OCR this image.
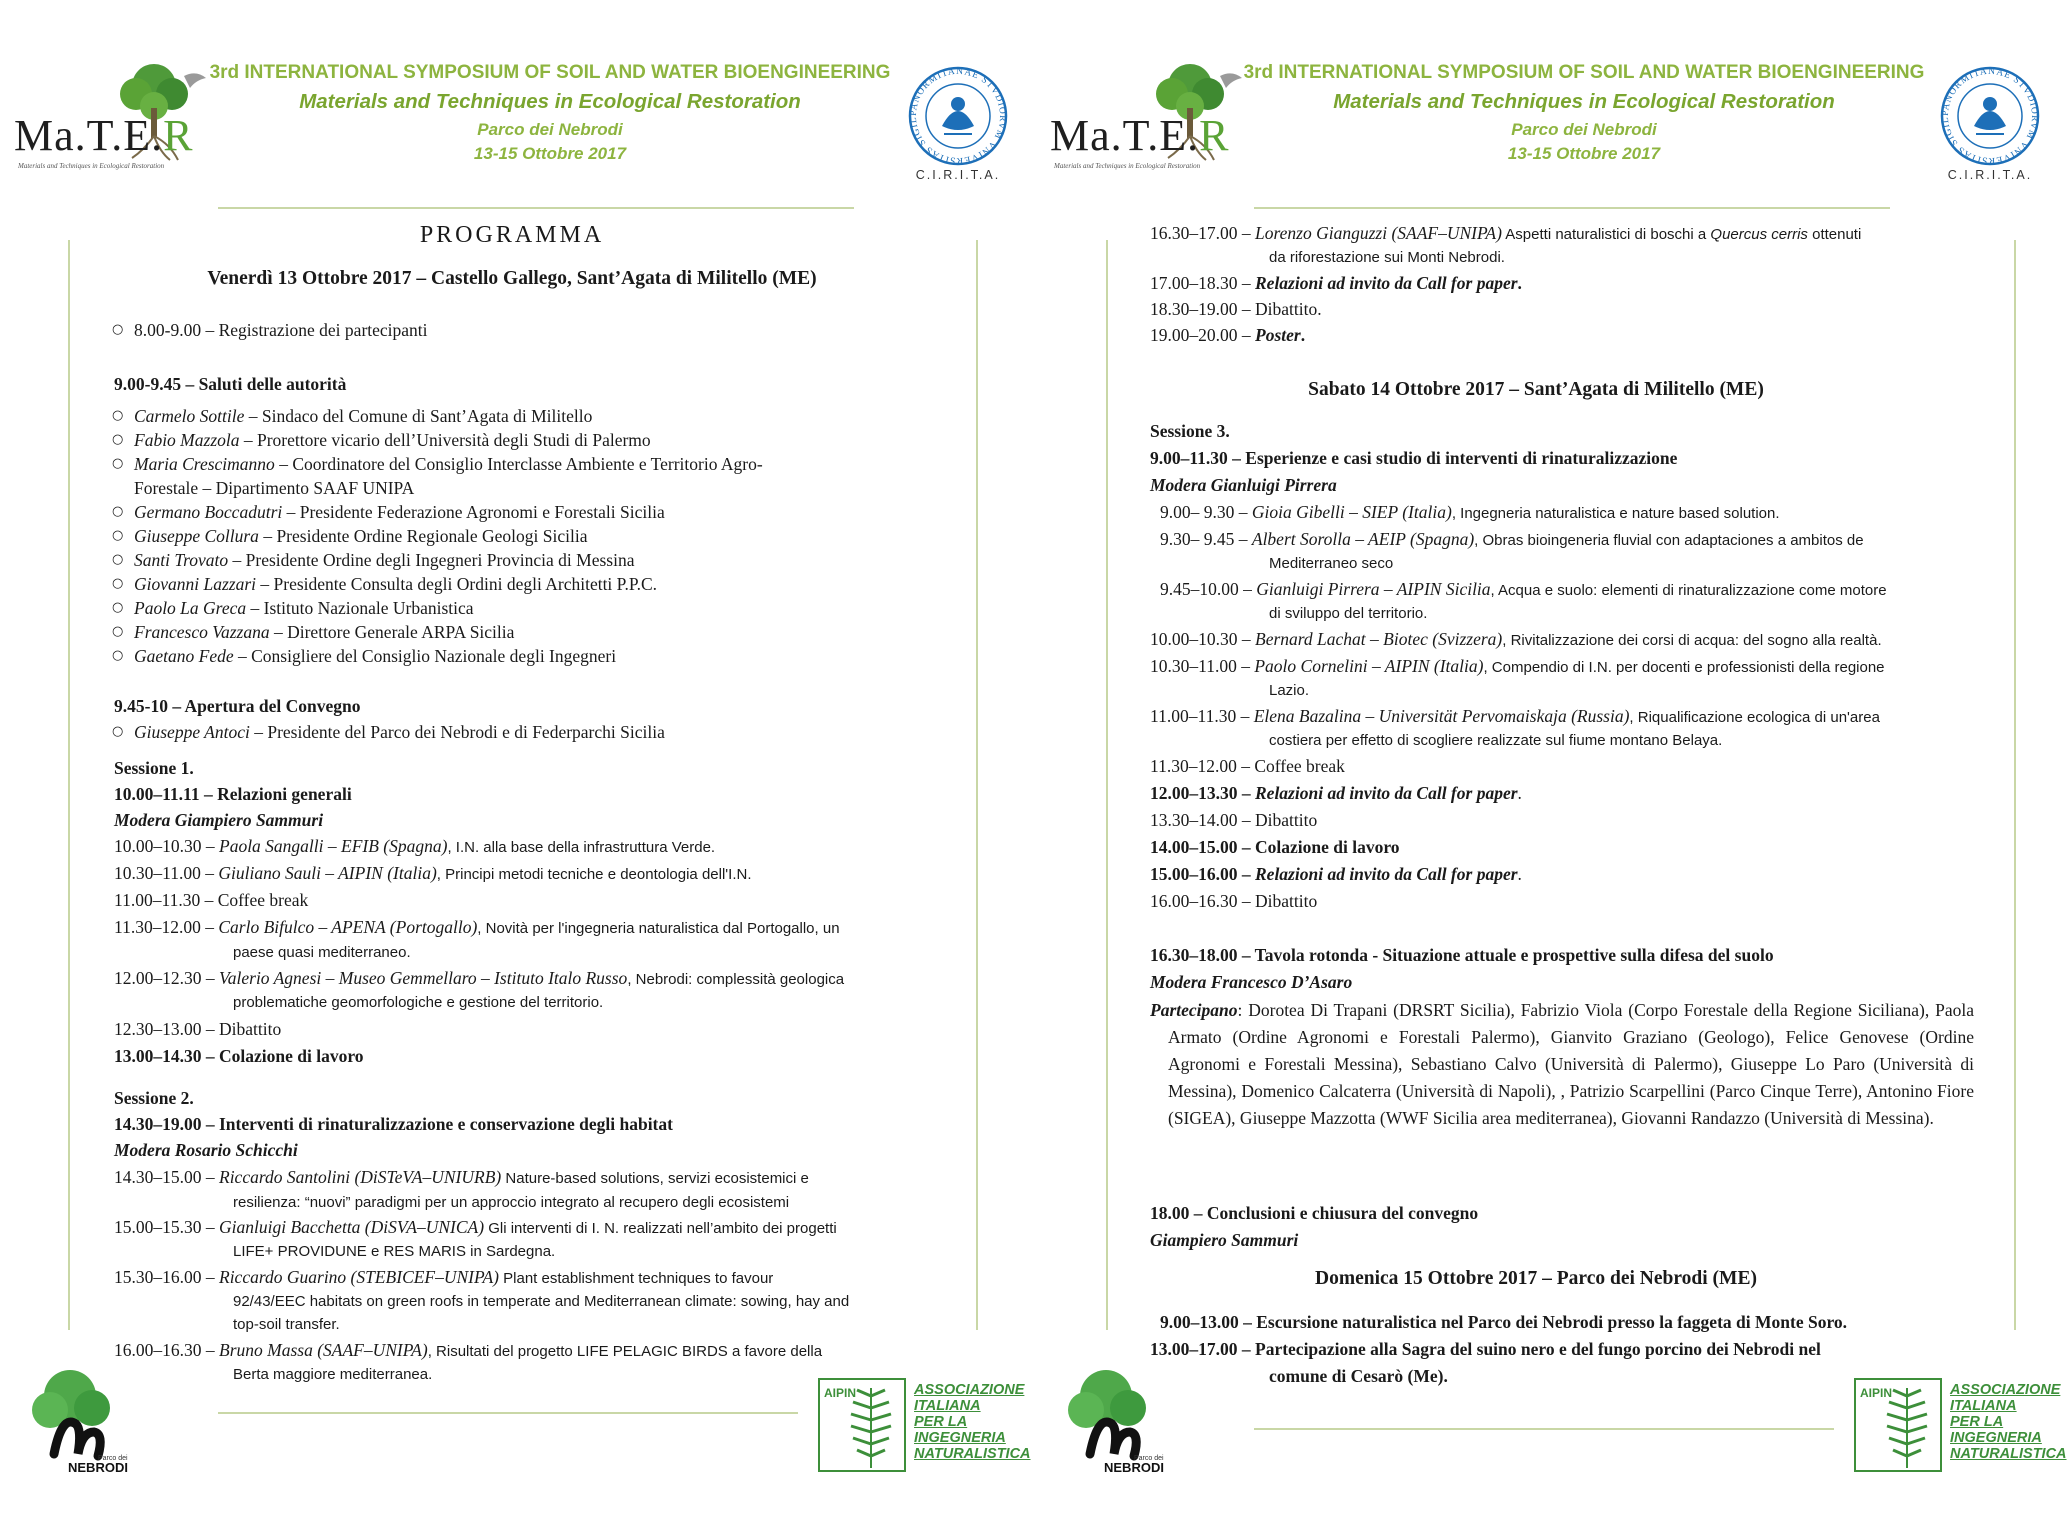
Ma.T.E.R
Materials and Techniques in Ecological Restoration
3rd INTERNATIONAL SYMPOSIUM OF SOIL AND WATER BIOENGINEERING
Materials and Techniques in Ecological Restoration
Parco dei Nebrodi
13-15 Ottobre 2017
PANORMITANAE STVDIORVM VNIVERSITAS SIGIL
C.I.R.I.T.A.
PROGRAMMA
Venerdì 13 Ottobre 2017 – Castello Gallego, Sant’Agata di Militello (ME)
○ 8.00-9.00 – Registrazione dei partecipanti
9.00-9.45 – Saluti delle autorità
○ Carmelo Sottile – Sindaco del Comune di Sant’Agata di Militello
○ Fabio Mazzola – Prorettore vicario dell’Università degli Studi di Palermo
○ Maria Crescimanno – Coordinatore del Consiglio Interclasse Ambiente e Territorio Agro-
Forestale – Dipartimento SAAF UNIPA
○ Germano Boccadutri – Presidente Federazione Agronomi e Forestali Sicilia
○ Giuseppe Collura – Presidente Ordine Regionale Geologi Sicilia
○ Santi Trovato – Presidente Ordine degli Ingegneri Provincia di Messina
○ Giovanni Lazzari – Presidente Consulta degli Ordini degli Architetti P.P.C.
○ Paolo La Greca – Istituto Nazionale Urbanistica
○ Francesco Vazzana – Direttore Generale ARPA Sicilia
○ Gaetano Fede – Consigliere del Consiglio Nazionale degli Ingegneri
9.45-10 – Apertura del Convegno
○ Giuseppe Antoci – Presidente del Parco dei Nebrodi e di Federparchi Sicilia
Sessione 1.
10.00–11.11 – Relazioni generali
Modera Giampiero Sammuri
10.00–10.30 – Paola Sangalli – EFIB (Spagna), I.N. alla base della infrastruttura Verde.
10.30–11.00 – Giuliano Sauli – AIPIN (Italia), Principi metodi tecniche e deontologia dell'I.N.
11.00–11.30 – Coffee break
11.30–12.00 – Carlo Bifulco – APENA (Portogallo), Novità per l'ingegneria naturalistica dal Portogallo, un
paese quasi mediterraneo.
12.00–12.30 – Valerio Agnesi – Museo Gemmellaro – Istituto Italo Russo, Nebrodi: complessità geologica
problematiche geomorfologiche e gestione del territorio.
12.30–13.00 – Dibattito
13.00–14.30 – Colazione di lavoro
Sessione 2.
14.30–19.00 – Interventi di rinaturalizzazione e conservazione degli habitat
Modera Rosario Schicchi
14.30–15.00 – Riccardo Santolini (DiSTeVA–UNIURB) Nature-based solutions, servizi ecosistemici e
resilienza: “nuovi” paradigmi per un approccio integrato al recupero degli ecosistemi
15.00–15.30 – Gianluigi Bacchetta (DiSVA–UNICA) Gli interventi di I. N. realizzati nell’ambito dei progetti
LIFE+ PROVIDUNE e RES MARIS in Sardegna.
15.30–16.00 – Riccardo Guarino (STEBICEF–UNIPA) Plant establishment techniques to favour
92/43/EEC habitats on green roofs in temperate and Mediterranean climate: sowing, hay and
top-soil transfer.
16.00–16.30 – Bruno Massa (SAAF–UNIPA), Risultati del progetto LIFE PELAGIC BIRDS a favore della
Berta maggiore mediterranea.
Parco dei
NEBRODI
AIPIN	ASSOCIAZIONE
ITALIANA
PER LA
INGEGNERIA
NATURALISTICA
Ma.T.E.R
Materials and Techniques in Ecological Restoration
3rd INTERNATIONAL SYMPOSIUM OF SOIL AND WATER BIOENGINEERING
Materials and Techniques in Ecological Restoration
Parco dei Nebrodi
13-15 Ottobre 2017
PANORMITANAE STVDIORVM VNIVERSITAS SIGIL
C.I.R.I.T.A.
16.30–17.00 – Lorenzo Gianguzzi (SAAF–UNIPA) Aspetti naturalistici di boschi a Quercus cerris ottenuti
da riforestazione sui Monti Nebrodi.
17.00–18.30 – Relazioni ad invito da Call for paper.
18.30–19.00 – Dibattito.
19.00–20.00 – Poster.
Sabato 14 Ottobre 2017 – Sant’Agata di Militello (ME)
Sessione 3.
9.00–11.30 – Esperienze e casi studio di interventi di rinaturalizzazione
Modera Gianluigi Pirrera
9.00– 9.30 – Gioia Gibelli – SIEP (Italia), Ingegneria naturalistica e nature based solution.
9.30– 9.45 – Albert Sorolla – AEIP (Spagna), Obras bioingeneria fluvial con adaptaciones a ambitos de
Mediterraneo seco
9.45–10.00 – Gianluigi Pirrera – AIPIN Sicilia, Acqua e suolo: elementi di rinaturalizzazione come motore
di sviluppo del territorio.
10.00–10.30 – Bernard Lachat – Biotec (Svizzera), Rivitalizzazione dei corsi di acqua: del sogno alla realtà.
10.30–11.00 – Paolo Cornelini – AIPIN (Italia), Compendio di I.N. per docenti e professionisti della regione
Lazio.
11.00–11.30 – Elena Bazalina – Universität Pervomaiskaja (Russia), Riqualificazione ecologica di un'area
costiera per effetto di scogliere realizzate sul fiume montano Belaya.
11.30–12.00 – Coffee break
12.00–13.30 – Relazioni ad invito da Call for paper.
13.30–14.00 – Dibattito
14.00–15.00 – Colazione di lavoro
15.00–16.00 – Relazioni ad invito da Call for paper.
16.00–16.30 – Dibattito
16.30–18.00 – Tavola rotonda - Situazione attuale e prospettive sulla difesa del suolo
Modera Francesco D’Asaro
Partecipano: Dorotea Di Trapani (DRSRT Sicilia), Fabrizio Viola (Corpo Forestale della Regione Siciliana), Paola Armato (Ordine Agronomi e Forestali Palermo), Gianvito Graziano (Geologo), Felice Genovese (Ordine Agronomi e Forestali Messina), Sebastiano Calvo (Università di Palermo), Giuseppe Lo Paro (Università di Messina), Domenico Calcaterra (Università di Napoli), , Patrizio Scarpellini (Parco Cinque Terre), Antonino Fiore (SIGEA), Giuseppe Mazzotta (WWF Sicilia area mediterranea), Giovanni Randazzo (Università di Messina).
18.00 – Conclusioni e chiusura del convegno
Giampiero Sammuri
Domenica 15 Ottobre 2017 – Parco dei Nebrodi (ME)
9.00–13.00 – Escursione naturalistica nel Parco dei Nebrodi presso la faggeta di Monte Soro.
13.00–17.00 – Partecipazione alla Sagra del suino nero e del fungo porcino dei Nebrodi nel
comune di Cesarò (Me).
Parco dei
NEBRODI
AIPIN	ASSOCIAZIONE
ITALIANA
PER LA
INGEGNERIA
NATURALISTICA
